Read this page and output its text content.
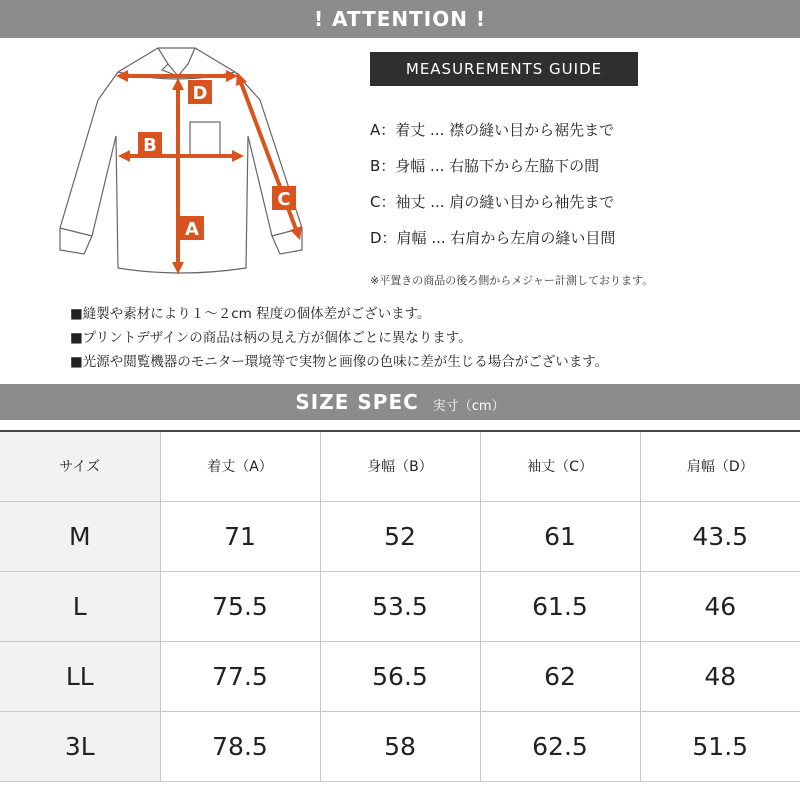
! ATTENTION !
D
B
A
C
MEASUREMENTS GUIDE
A：着丈 ... 襟の縫い目から裾先まで
B：身幅 ... 右脇下から左脇下の間
C：袖丈 ... 肩の縫い目から袖先まで
D：肩幅 ... 右肩から左肩の縫い目間
※平置きの商品の後ろ側からメジャー計測しております。
■縫製や素材により１～２cm 程度の個体差がございます。
■プリントデザインの商品は柄の見え方が個体ごとに異なります。
■光源や閲覧機器のモニター環境等で実物と画像の色味に差が生じる場合がございます。
SIZE SPEC 実寸（cm）
サイズ	着丈（A）	身幅（B）	袖丈（C）	肩幅（D）
M	71	52	61	43.5
L	75.5	53.5	61.5	46
LL	77.5	56.5	62	48
3L	78.5	58	62.5	51.5
